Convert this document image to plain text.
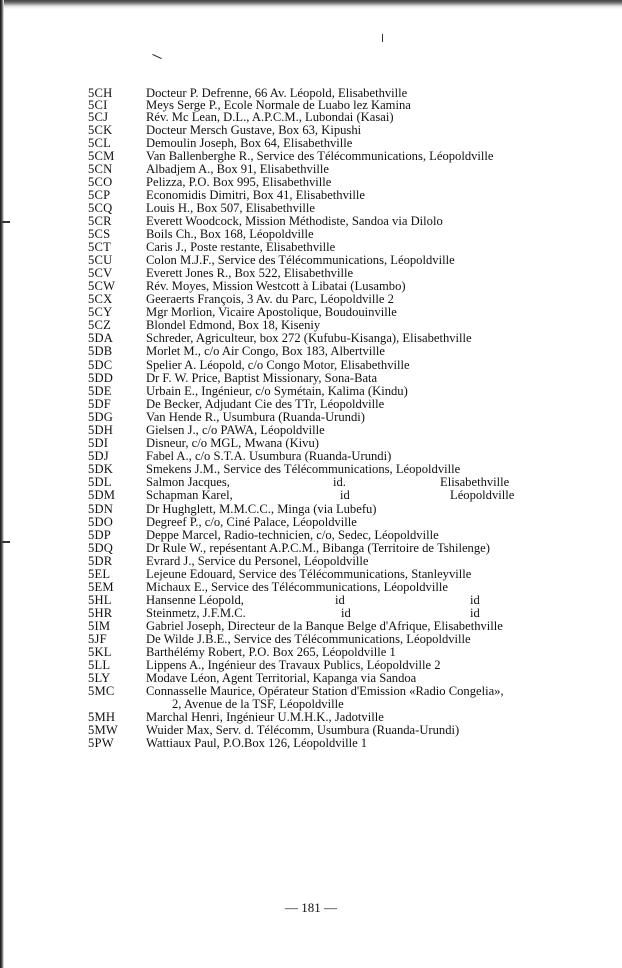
5CH	Docteur P. Defrenne, 66 Av. Léopold, Elisabethville
5CI	Meys Serge P., Ecole Normale de Luabo lez Kamina
5CJ	Rév. Mc Lean, D.L., A.P.C.M., Lubondai (Kasai)
5CK	Docteur Mersch Gustave, Box 63, Kipushi
5CL	Demoulin Joseph, Box 64, Elisabethville
5CM	Van Ballenberghe R., Service des Télécommunications, Léopoldville
5CN	Albadjem A., Box 91, Elisabethville
5CO	Pelizza, P.O. Box 995, Elisabethville
5CP	Economidis Dimitri, Box 41, Elisabethville
5CQ	Louis H., Box 507, Elisabethville
5CR	Everett Woodcock, Mission Méthodiste, Sandoa via Dilolo
5CS	Boils Ch., Box 168, Léopoldville
5CT	Caris J., Poste restante, Elisabethville
5CU	Colon M.J.F., Service des Télécommunications, Léopoldville
5CV	Everett Jones R., Box 522, Elisabethville
5CW Rév. Moyes, Mission Westcott à Libatai (Lusambo)
5CX	Geeraerts François, 3 Av. du Parc, Léopoldville 2
5CY	Mgr Morlion, Vicaire Apostolique, Boudouinville
5CZ	Blondel Edmond, Box 18, Kiseniy
5DA	Schreder, Agriculteur, box 272 (Kufubu-Kisanga), Elisabethville
5DB	Morlet M., c/o Air Congo, Box 183, Albertville
5DC	Spelier A. Léopold, c/o Congo Motor, Elisabethville
5DD	Dr F. W. Price, Baptist Missionary, Sona-Bata
5DE	Urbain E., Ingénieur, c/o Symétain, Kalima (Kindu)
5DF	De Becker, Adjudant Cie des TTr, Léopoldville
5DG	Van Hende R., Usumbura (Ruanda-Urundi)
5DH	Gielsen J., c/o PAWA, Léopoldville
5DI	Disneur, c/o MGL, Mwana (Kivu)
5DJ	Fabel A., c/o S.T.A. Usumbura (Ruanda-Urundi)
5DK	Smekens J.M., Service des Télécommunications, Léopoldville
5DL	Salmon Jacques,	id.	Elisabethville
5DM Schapman Karel,	id	Léopoldville
5DN	Dr Hughglett, M.M.C.C., Minga (via Lubefu)
5DO	Degreef P., c/o, Ciné Palace, Léopoldville
5DP	Deppe Marcel, Radio-technicien, c/o, Sedec, Léopoldville
5DQ	Dr Rule W., repésentant A.P.C.M., Bibanga (Territoire de Tshilenge)
5DR	Evrard J., Service du Personel, Léopoldville
5EL	Lejeune Edouard, Service des Télécommunications, Stanleyville
5EM	Michaux E., Service des Télécommunications, Léopoldville
5HL	Hansenne Léopold,	id	id
5HR	Steinmetz, J.F.M.C.	id	id
5IM	Gabriel Joseph, Directeur de la Banque Belge d'Afrique, Elisabethville
5JF	De Wilde J.B.E., Service des Télécommunications, Léopoldville
5KL	Barthélémy Robert, P.O. Box 265, Léopoldville 1
5LL	Lippens A., Ingénieur des Travaux Publics, Léopoldville 2
5LY	Modave Léon, Agent Territorial, Kapanga via Sandoa
5MC	Connasselle Maurice, Opérateur Station d'Emission «Radio Congelia»,
2, Avenue de la TSF, Léopoldville
5MH Marchal Henri, Ingénieur U.M.H.K., Jadotville
5MW Wuider Max, Serv. d. Télécomm, Usumbura (Ruanda-Urundi)
5PW	Wattiaux Paul, P.O.Box 126, Léopoldville 1
— 181 —
